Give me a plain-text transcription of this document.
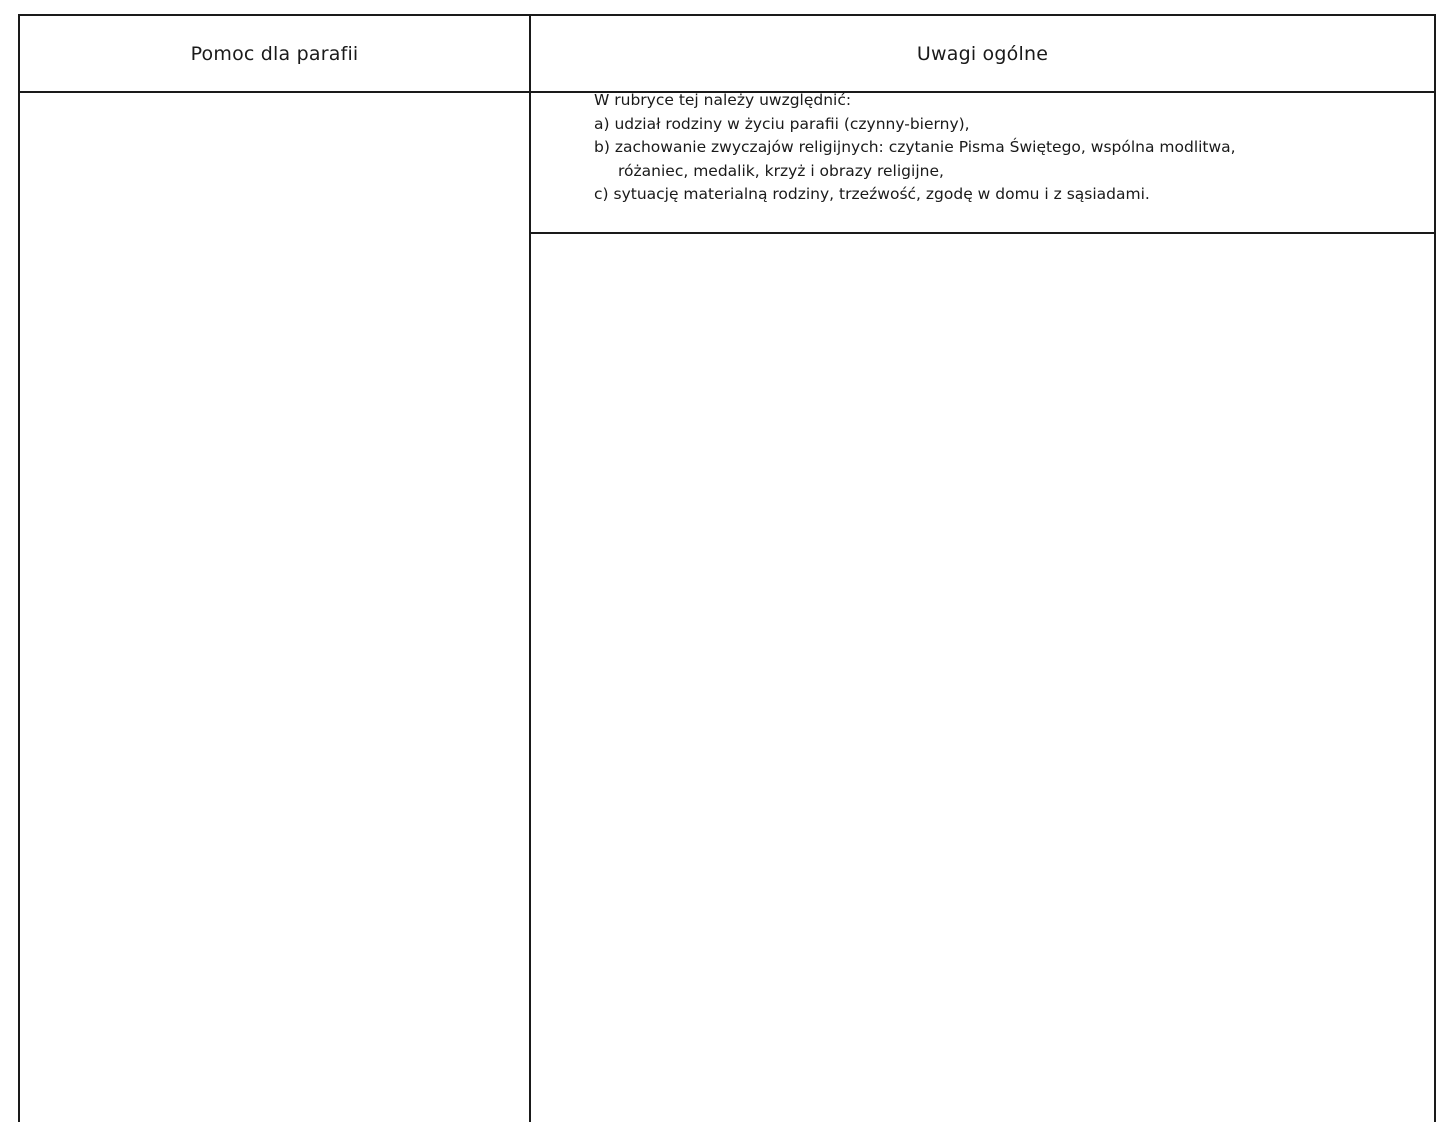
Pomoc dla parafii	Uwagi ogólne
W rubryce tej należy uwzględnić:
a) udział rodziny w życiu parafii (czynny-bierny),
b) zachowanie zwyczajów religijnych: czytanie Pisma Świętego, wspólna modlitwa,
różaniec, medalik, krzyż i obrazy religijne,
c) sytuację materialną rodziny, trzeźwość, zgodę w domu i z sąsiadami.
